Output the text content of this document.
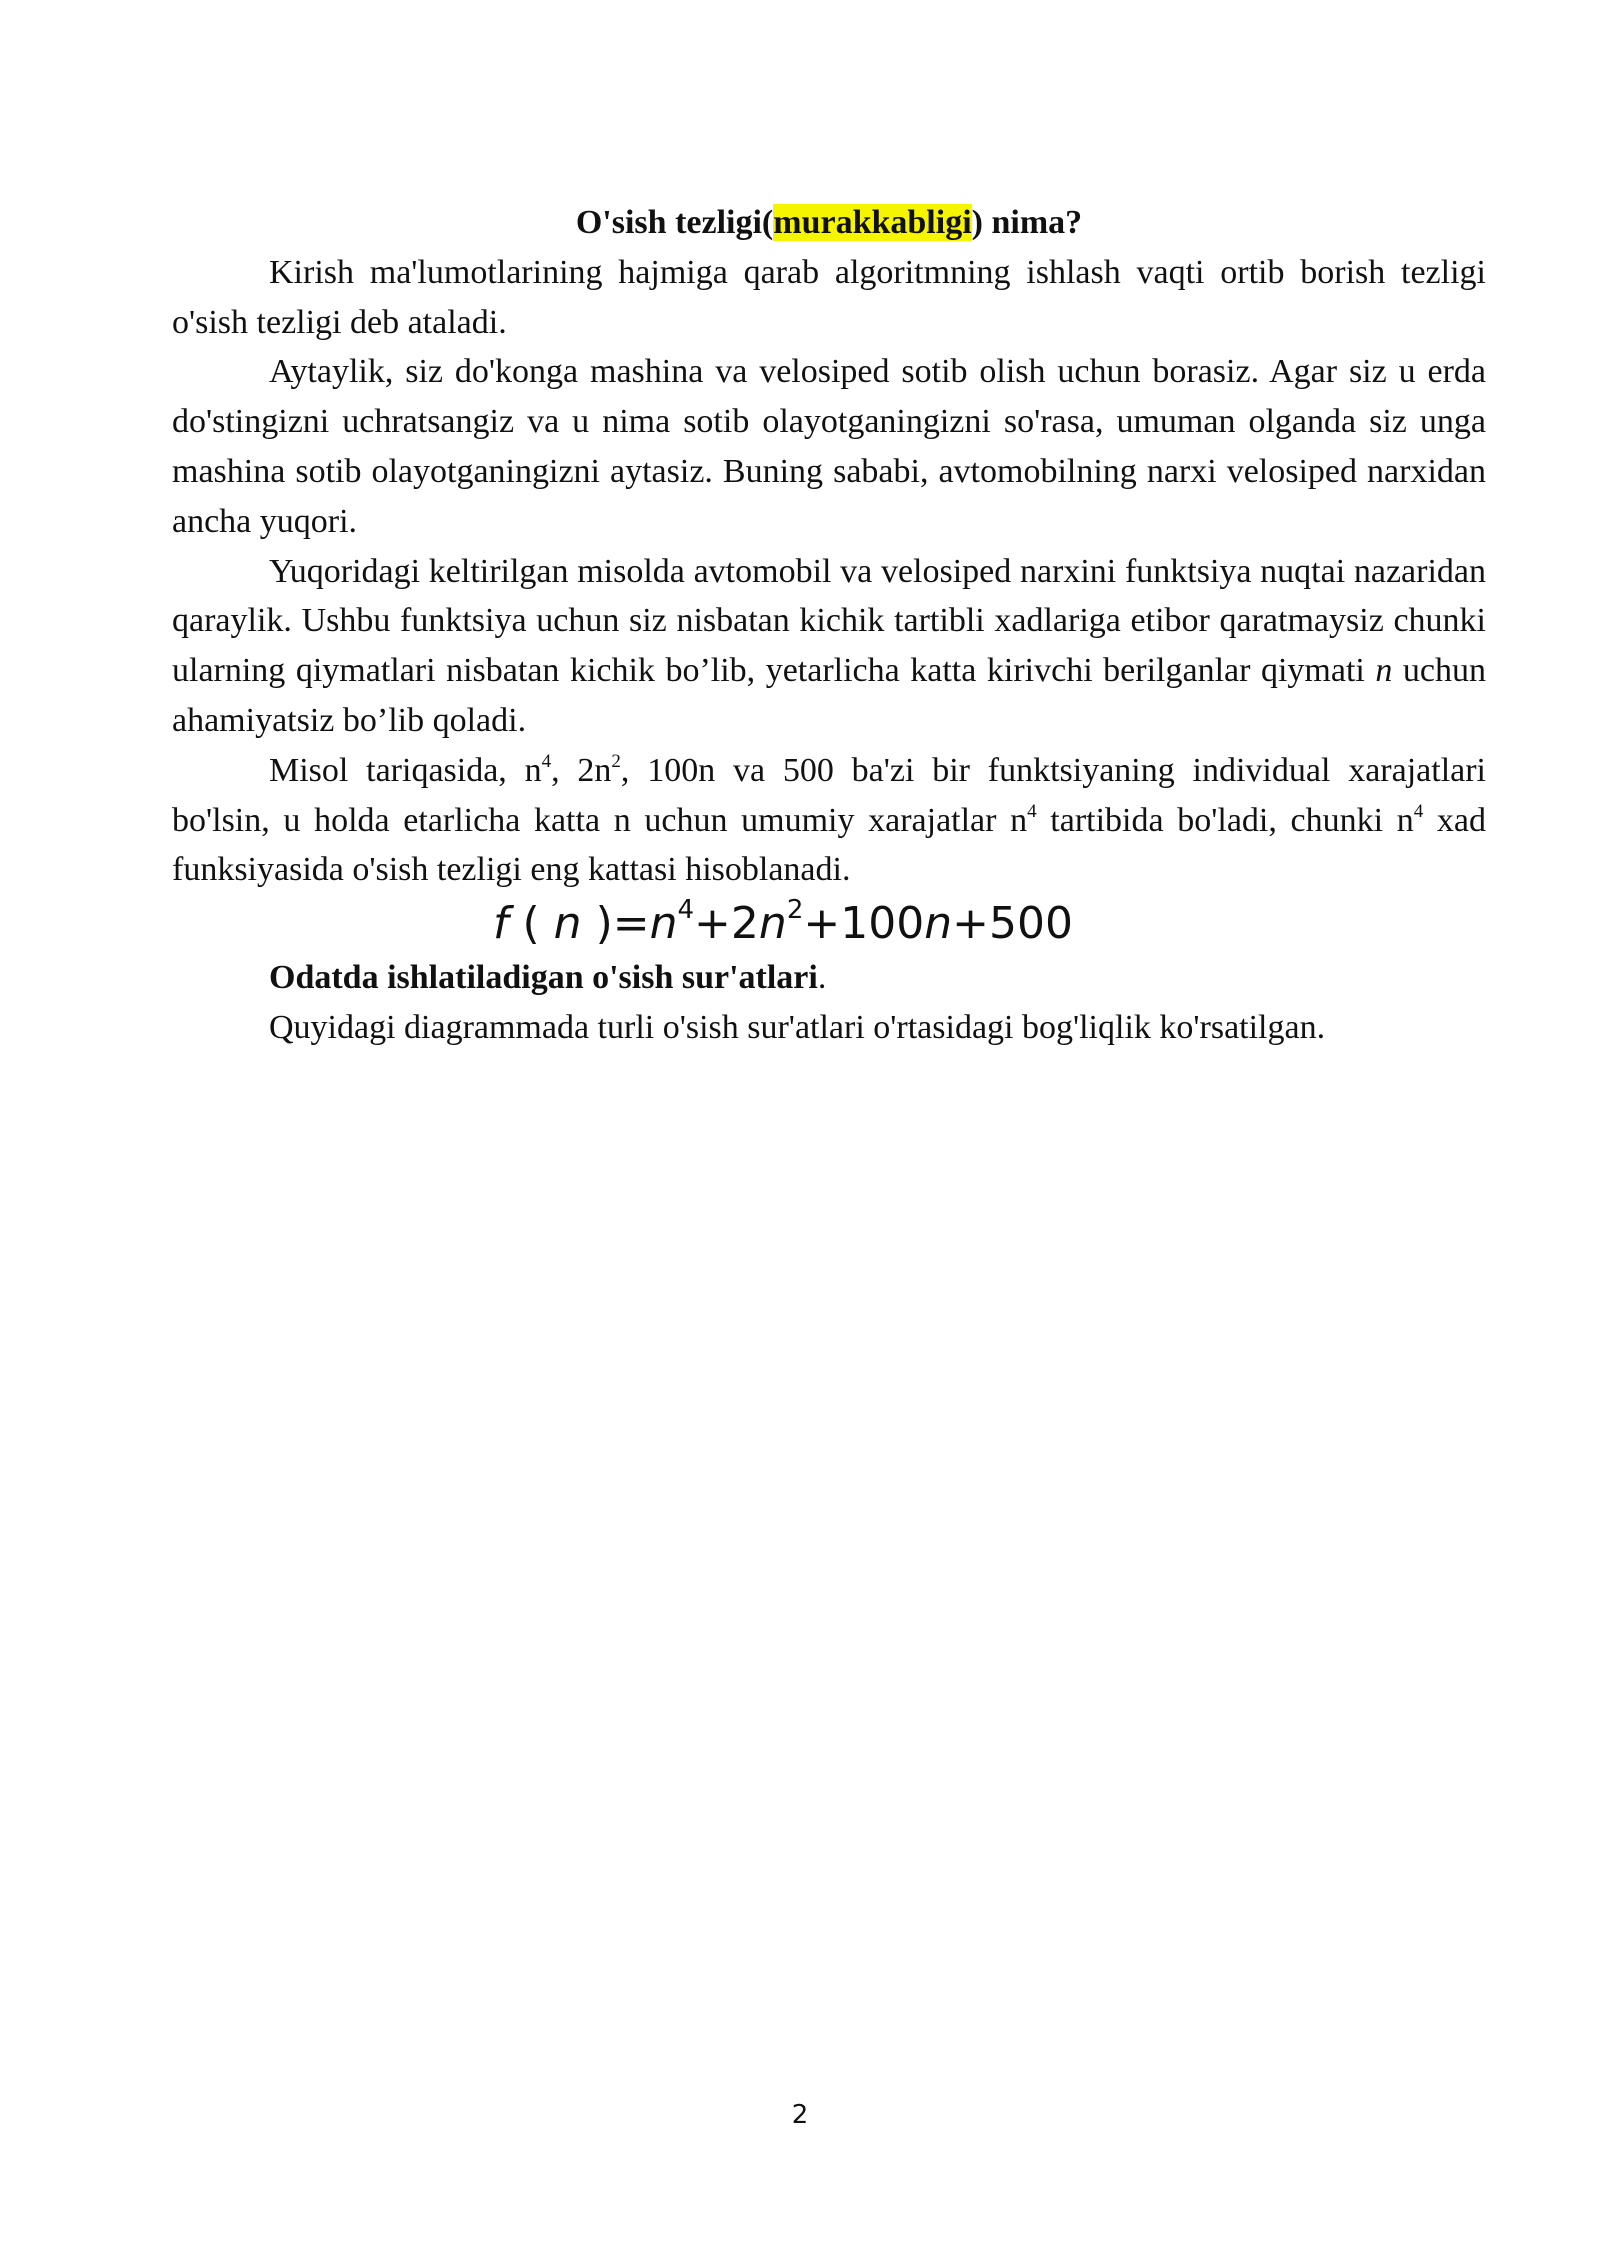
O'sish tezligi(murakkabligi) nima?

Kirish ma'lumotlarining hajmiga qarab algoritmning ishlash vaqti ortib borish tezligi o'sish tezligi deb ataladi.

Aytaylik, siz do'konga mashina va velosiped sotib olish uchun borasiz. Agar siz u erda do'stingizni uchratsangiz va u nima sotib olayotganingizni so'rasa, umuman olganda siz unga mashina sotib olayotganingizni aytasiz. Buning sababi, avtomobilning narxi velosiped narxidan ancha yuqori.

Yuqoridagi keltirilgan misolda avtomobil va velosiped narxini funktsiya nuqtai nazaridan qaraylik. Ushbu funktsiya uchun siz nisbatan kichik tartibli xadlariga etibor qaratmaysiz chunki ularning qiymatlari nisbatan kichik bo’lib, yetarlicha katta kirivchi berilganlar qiymati n uchun ahamiyatsiz bo’lib qoladi.

Misol tariqasida, $n^4$, $2n^2$, 100n va 500 ba'zi bir funktsiyaning individual xarajatlari bo'lsin, u holda etarlicha katta n uchun umumiy xarajatlar $n^4$ tartibida bo'ladi, chunki $n^4$ xad funksiyasida o'sish tezligi eng kattasi hisoblanadi.

f ( n )$=n^4+2n^2+100n+500$
Odatda ishlatiladigan o'sish sur'atlari.

Quyidagi diagrammada turli o'sish sur'atlari o'rtasidagi bog'liqlik ko'rsatilgan.

2
